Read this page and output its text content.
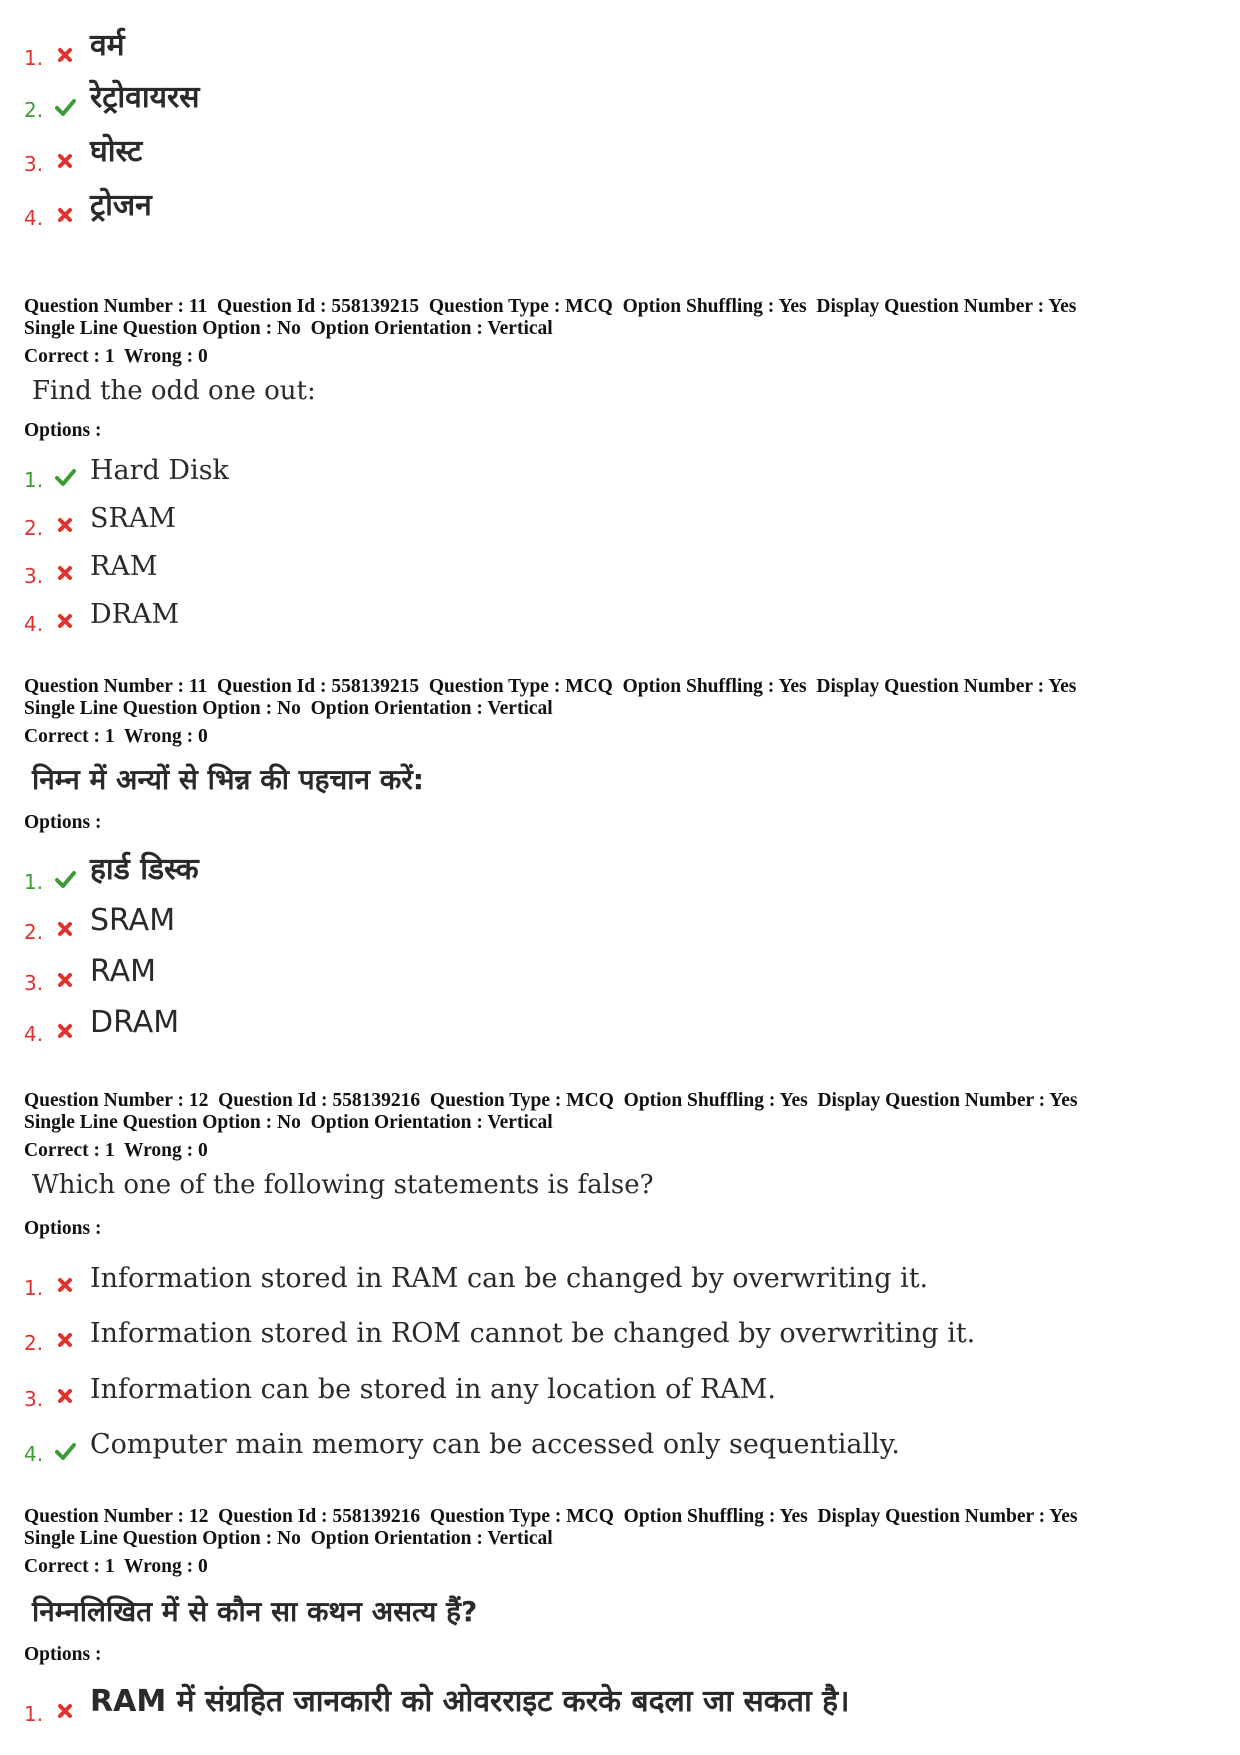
1. वर्म
2. रेट्रोवायरस
3. घोस्ट
4. ट्रोजन
Question Number : 11  Question Id : 558139215  Question Type : MCQ  Option Shuffling : Yes  Display Question Number : Yes
Single Line Question Option : No  Option Orientation : Vertical
Correct : 1  Wrong : 0
Find the odd one out:
Options :
1. Hard Disk
2. SRAM
3. RAM
4. DRAM
Question Number : 11  Question Id : 558139215  Question Type : MCQ  Option Shuffling : Yes  Display Question Number : Yes
Single Line Question Option : No  Option Orientation : Vertical
Correct : 1  Wrong : 0
निम्न में अन्यों से भिन्न की पहचान करें:
Options :
1. हार्ड डिस्क
2. SRAM
3. RAM
4. DRAM
Question Number : 12  Question Id : 558139216  Question Type : MCQ  Option Shuffling : Yes  Display Question Number : Yes
Single Line Question Option : No  Option Orientation : Vertical
Correct : 1  Wrong : 0
Which one of the following statements is false?
Options :
1. Information stored in RAM can be changed by overwriting it.
2. Information stored in ROM cannot be changed by overwriting it.
3. Information can be stored in any location of RAM.
4. Computer main memory can be accessed only sequentially.
Question Number : 12  Question Id : 558139216  Question Type : MCQ  Option Shuffling : Yes  Display Question Number : Yes
Single Line Question Option : No  Option Orientation : Vertical
Correct : 1  Wrong : 0
निम्नलिखित में से कौन सा कथन असत्य हैं?
Options :
1. RAM में संग्रहित जानकारी को ओवरराइट करके बदला जा सकता है।
